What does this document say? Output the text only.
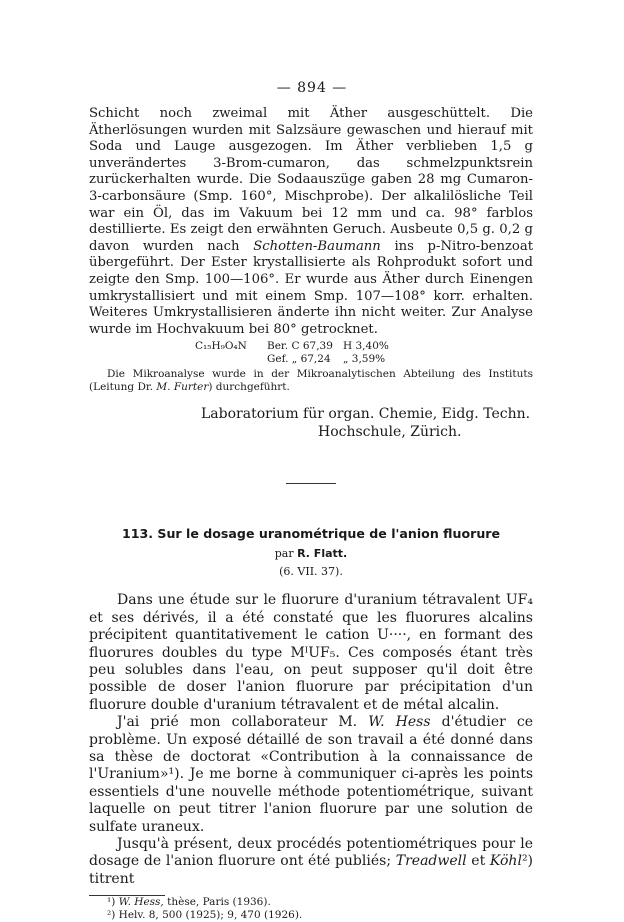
— 894 —

Schicht noch zweimal mit Äther ausgeschüttelt. Die Ätherlösungen wurden mit Salzsäure gewaschen und hierauf mit Soda und Lauge ausgezogen. Im Äther verblieben 1,5 g unverändertes 3-Brom-cumaron, das schmelzpunktsrein zurückerhalten wurde. Die Sodaauszüge gaben 28 mg Cumaron-3-carbonsäure (Smp. 160°, Mischprobe). Der alkalilösliche Teil war ein Öl, das im Vakuum bei 12 mm und ca. 98° farblos destillierte. Es zeigt den erwähnten Geruch. Ausbeute 0,5 g. 0,2 g davon wurden nach Schotten-Baumann ins p-Nitro-benzoat übergeführt. Der Ester krystallisierte als Rohprodukt sofort und zeigte den Smp. 100—106°. Er wurde aus Äther durch Einengen umkrystallisiert und mit einem Smp. 107—108° korr. erhalten. Weiteres Umkrystallisieren änderte ihn nicht weiter. Zur Analyse wurde im Hochvakuum bei 80° getrocknet.

C₁₅H₉O₄N	Ber. C 67,39 H 3,40%
Gef. „ 67,24	„ 3,59%

Die Mikroanalyse wurde in der Mikroanalytischen Abteilung des Instituts (Leitung Dr. M. Furter) durchgeführt.

Laboratorium für organ. Chemie, Eidg. Techn.
Hochschule, Zürich.
113. Sur le dosage uranométrique de l'anion fluorure
par R. Flatt.
(6. VII. 37).

Dans une étude sur le fluorure d'uranium tétravalent UF₄ et ses dérivés, il a été constaté que les fluorures alcalins précipitent quantitativement le cation U····, en formant des fluorures doubles du type MᴵUF₅. Ces composés étant très peu solubles dans l'eau, on peut supposer qu'il doit être possible de doser l'anion fluorure par précipitation d'un fluorure double d'uranium tétravalent et de métal alcalin.

J'ai prié mon collaborateur M. W. Hess d'étudier ce problème. Un exposé détaillé de son travail a été donné dans sa thèse de doctorat «Contribution à la connaissance de l'Uranium»¹). Je me borne à communiquer ci-après les points essentiels d'une nouvelle méthode potentiométrique, suivant laquelle on peut titrer l'anion fluorure par une solution de sulfate uraneux.

Jusqu'à présent, deux procédés potentiométriques pour le dosage de l'anion fluorure ont été publiés; Treadwell et Köhl²) titrent

¹) W. Hess, thèse, Paris (1936).
²) Helv. 8, 500 (1925); 9, 470 (1926).
